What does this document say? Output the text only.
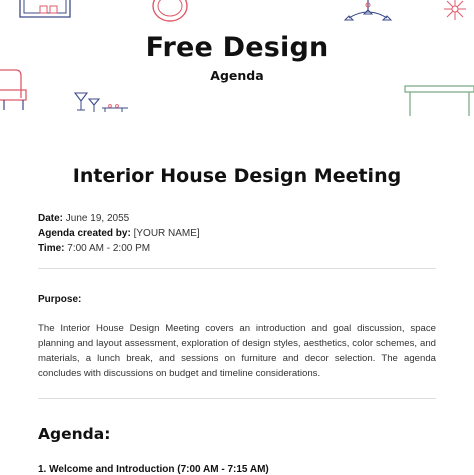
Free Design
Agenda
Interior House Design Meeting
Date: June 19, 2055
Agenda created by: [YOUR NAME]
Time: 7:00 AM - 2:00 PM
Purpose:

The Interior House Design Meeting covers an introduction and goal discussion, space planning and layout assessment, exploration of design styles, aesthetics, color schemes, and materials, a lunch break, and sessions on furniture and decor selection. The agenda concludes with discussions on budget and timeline considerations.

Agenda:
1. Welcome and Introduction (7:00 AM - 7:15 AM)
